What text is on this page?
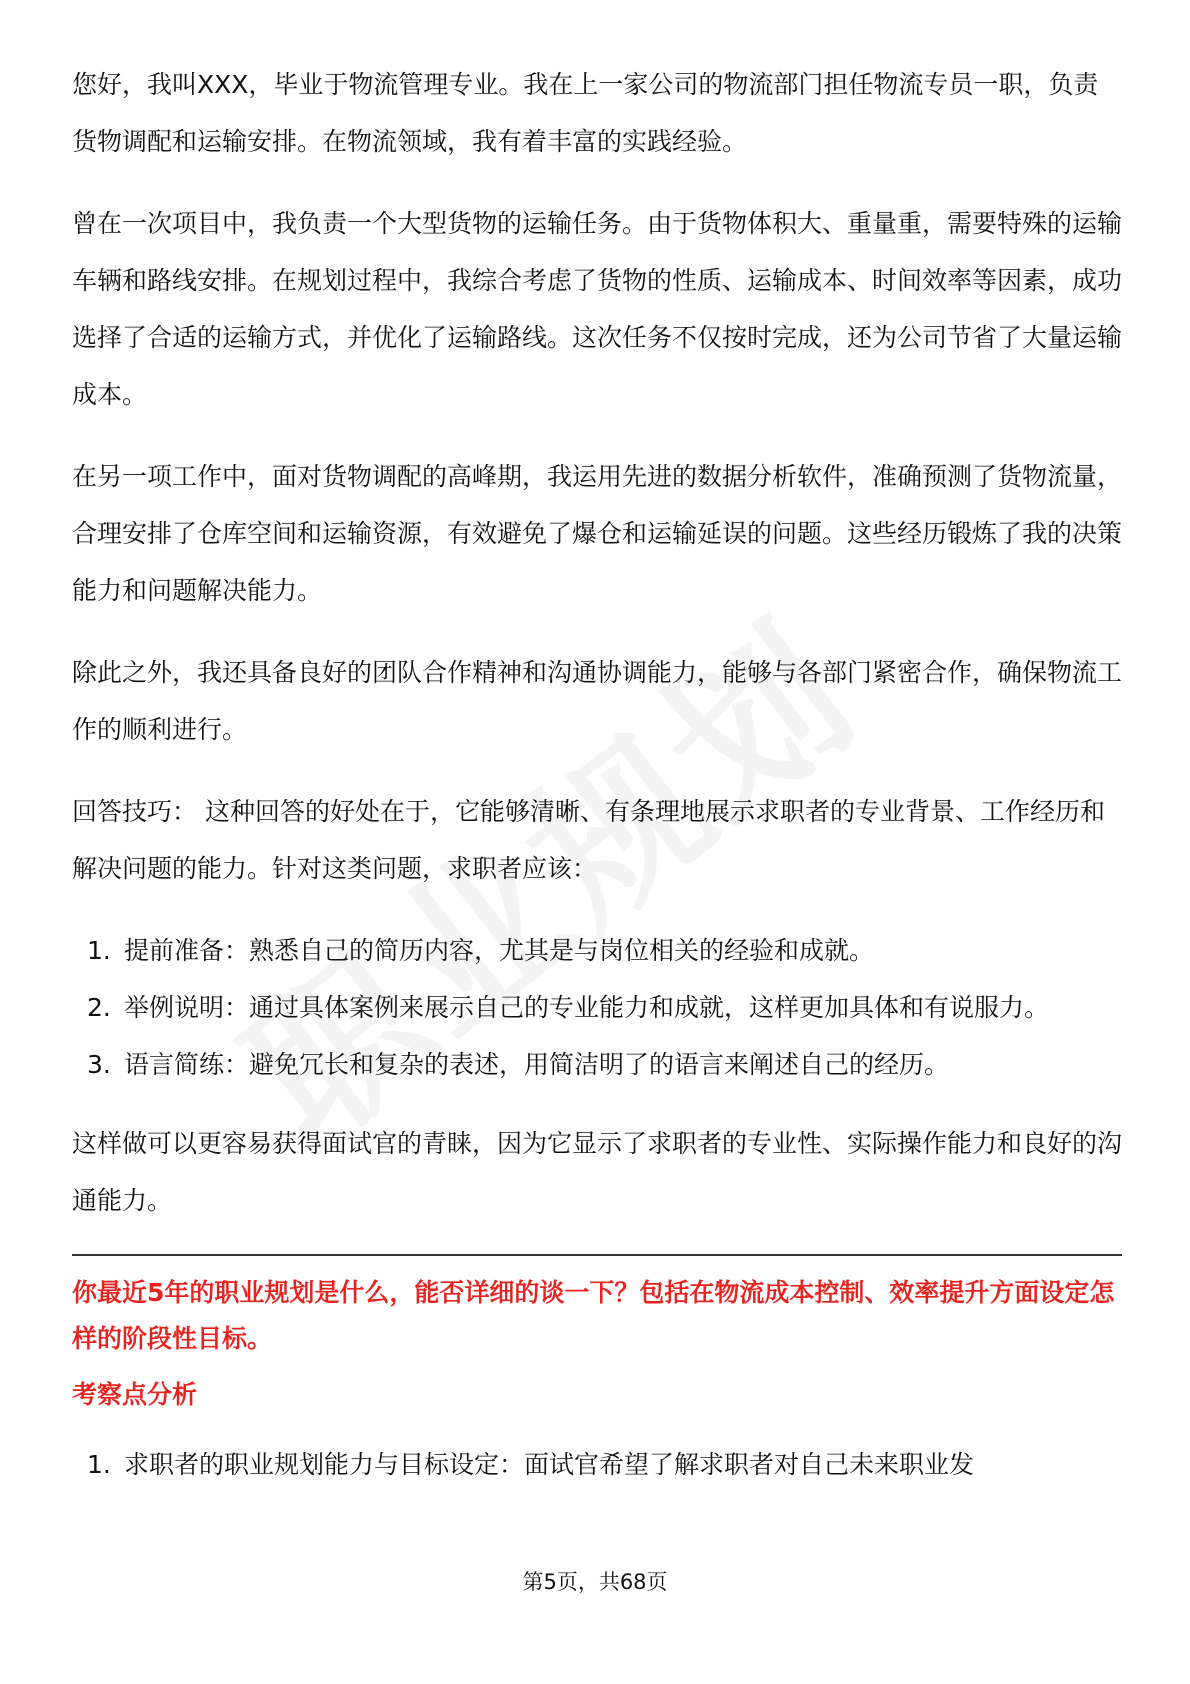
您好，我叫XXX，毕业于物流管理专业。我在上一家公司的物流部门担任物流专员一职，负责货物调配和运输安排。在物流领域，我有着丰富的实践经验。

曾在一次项目中，我负责一个大型货物的运输任务。由于货物体积大、重量重，需要特殊的运输车辆和路线安排。在规划过程中，我综合考虑了货物的性质、运输成本、时间效率等因素，成功选择了合适的运输方式，并优化了运输路线。这次任务不仅按时完成，还为公司节省了大量运输成本。

在另一项工作中，面对货物调配的高峰期，我运用先进的数据分析软件，准确预测了货物流量，合理安排了仓库空间和运输资源，有效避免了爆仓和运输延误的问题。这些经历锻炼了我的决策能力和问题解决能力。

除此之外，我还具备良好的团队合作精神和沟通协调能力，能够与各部门紧密合作，确保物流工作的顺利进行。

回答技巧： 这种回答的好处在于，它能够清晰、有条理地展示求职者的专业背景、工作经历和解决问题的能力。针对这类问题，求职者应该：

1. 提前准备：熟悉自己的简历内容，尤其是与岗位相关的经验和成就。
2. 举例说明：通过具体案例来展示自己的专业能力和成就，这样更加具体和有说服力。
3. 语言简练：避免冗长和复杂的表述，用简洁明了的语言来阐述自己的经历。

这样做可以更容易获得面试官的青睐，因为它显示了求职者的专业性、实际操作能力和良好的沟通能力。

你最近5年的职业规划是什么，能否详细的谈一下？包括在物流成本控制、效率提升方面设定怎样的阶段性目标。

考察点分析

1. 求职者的职业规划能力与目标设定：面试官希望了解求职者对自己未来职业发
第5页，共68页
